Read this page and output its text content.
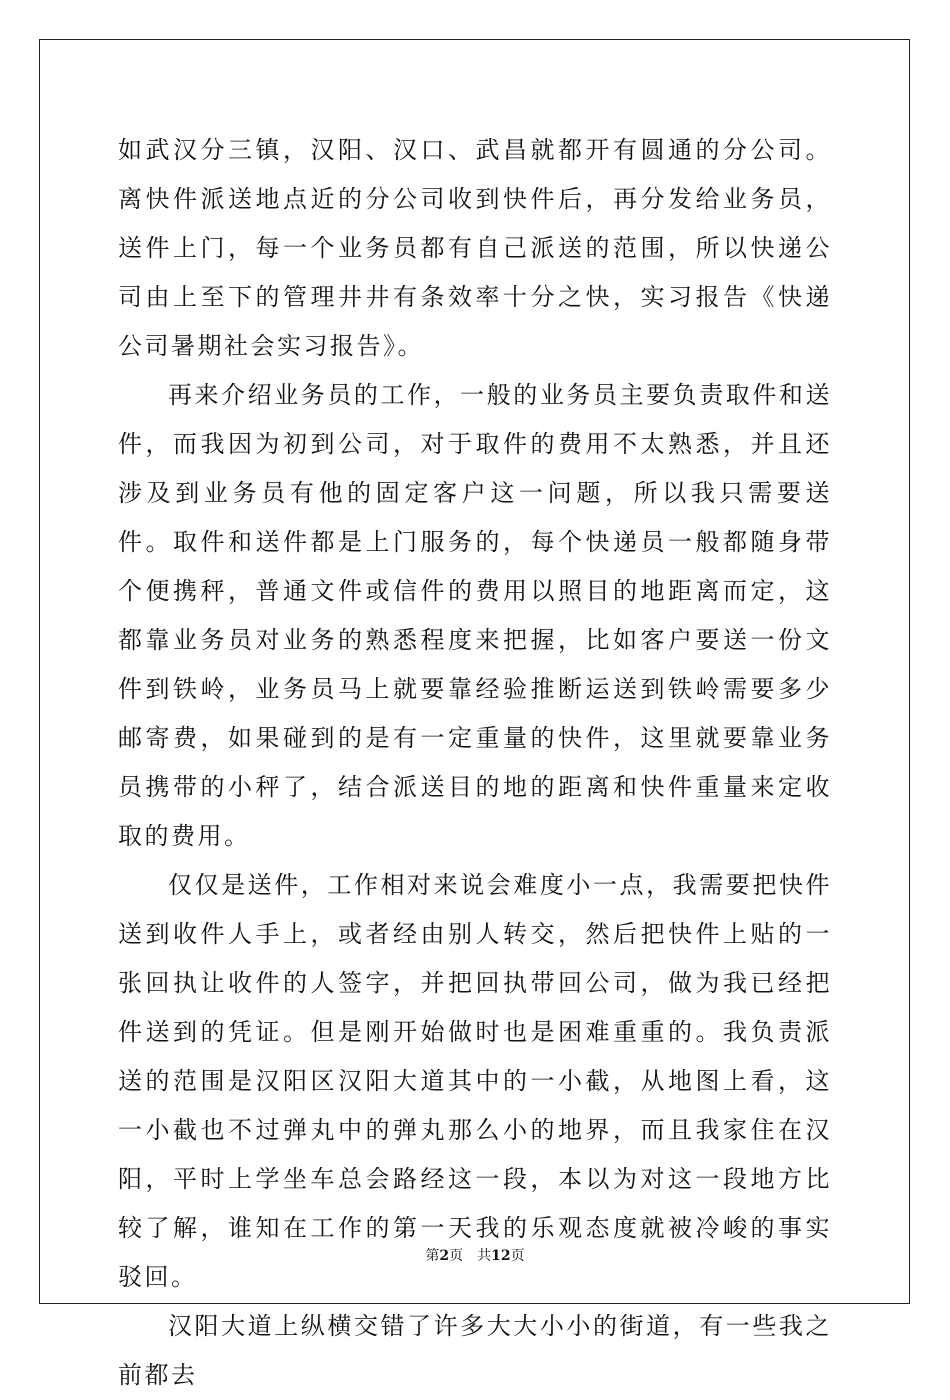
如武汉分三镇，汉阳、汉口、武昌就都开有圆通的分公司。离快件派送地点近的分公司收到快件后，再分发给业务员，送件上门，每一个业务员都有自己派送的范围，所以快递公司由上至下的管理井井有条效率十分之快，实习报告《快递公司暑期社会实习报告》。

再来介绍业务员的工作，一般的业务员主要负责取件和送件，而我因为初到公司，对于取件的费用不太熟悉，并且还涉及到业务员有他的固定客户这一问题，所以我只需要送件。取件和送件都是上门服务的，每个快递员一般都随身带个便携秤，普通文件或信件的费用以照目的地距离而定，这都靠业务员对业务的熟悉程度来把握，比如客户要送一份文件到铁岭，业务员马上就要靠经验推断运送到铁岭需要多少邮寄费，如果碰到的是有一定重量的快件，这里就要靠业务员携带的小秤了，结合派送目的地的距离和快件重量来定收取的费用。

仅仅是送件，工作相对来说会难度小一点，我需要把快件送到收件人手上，或者经由别人转交，然后把快件上贴的一张回执让收件的人签字，并把回执带回公司，做为我已经把件送到的凭证。但是刚开始做时也是困难重重的。我负责派送的范围是汉阳区汉阳大道其中的一小截，从地图上看，这一小截也不过弹丸中的弹丸那么小的地界，而且我家住在汉阳，平时上学坐车总会路经这一段，本以为对这一段地方比较了解，谁知在工作的第一天我的乐观态度就被冷峻的事实驳回。

汉阳大道上纵横交错了许多大大小小的街道，有一些我之前都去

第2页 共12页
